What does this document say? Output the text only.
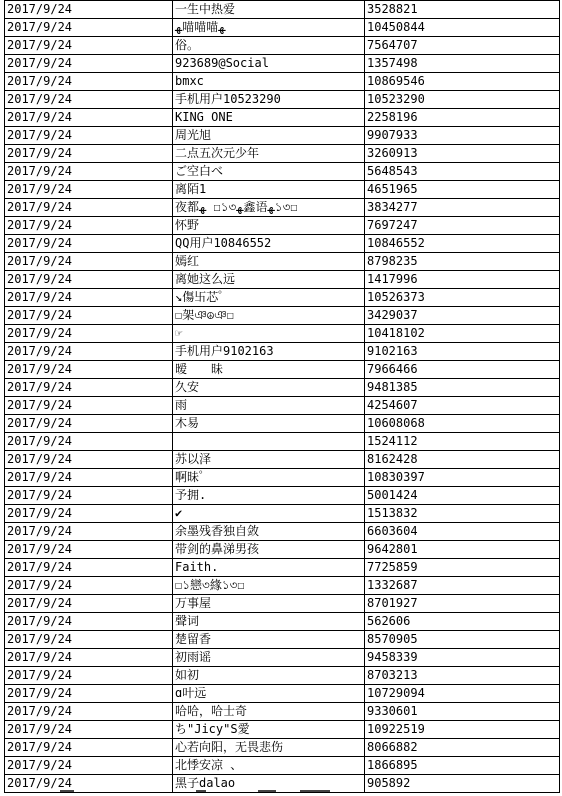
2017/9/24	一生中热爱	3528821
2017/9/24	ﻬ喵喵喵ﻬ	10450844
2017/9/24	俗。	7564707
2017/9/24	923689@Social	1357498
2017/9/24	bmxc	10869546
2017/9/24	手机用户10523290	10523290
2017/9/24	KING ONE	2258196
2017/9/24	周光旭	9907933
2017/9/24	二点五次元少年	3260913
2017/9/24	ご空白べ	5648543
2017/9/24	离陌1	4651965
2017/9/24	夜都ﻬ ☐১৩ﻬ鑫语ﻬ১৩☐	3834277
2017/9/24	怀野	7697247
2017/9/24	QQ用户10846552	10846552
2017/9/24	嫣红	8798235
2017/9/24	离她这么远	1417996
2017/9/24	↘傷卐芯゜	10526373
2017/9/24	☐架ঞ☮ঞ☐	3429037
2017/9/24	☞	10418102
2017/9/24	手机用户9102163	9102163
2017/9/24	暧　　昧	7966466
2017/9/24	久安	9481385
2017/9/24	雨	4254607
2017/9/24	木易	10608068
2017/9/24		1524112
2017/9/24	苏以泽	8162428
2017/9/24	啊昧゜	10830397
2017/9/24	予拥.	5001424
2017/9/24	✔	1513832
2017/9/24	余墨残香独自敛	6603604
2017/9/24	带剑的鼻涕男孩	9642801
2017/9/24	Faith.	7725859
2017/9/24	☐১戀৩緣১৩☐	1332687
2017/9/24	万事屋	8701927
2017/9/24	聲词	562606
2017/9/24	楚留香	8570905
2017/9/24	初雨谣	9458339
2017/9/24	如初	8703213
2017/9/24	ɑ叶远	10729094
2017/9/24	哈哈，哈士奇	9330601
2017/9/24	ち"Jicy"S愛	10922519
2017/9/24	心若向阳，无畏悲伤	8066882
2017/9/24	北悸安凉 、	1866895
2017/9/24	黑子dalao	905892
